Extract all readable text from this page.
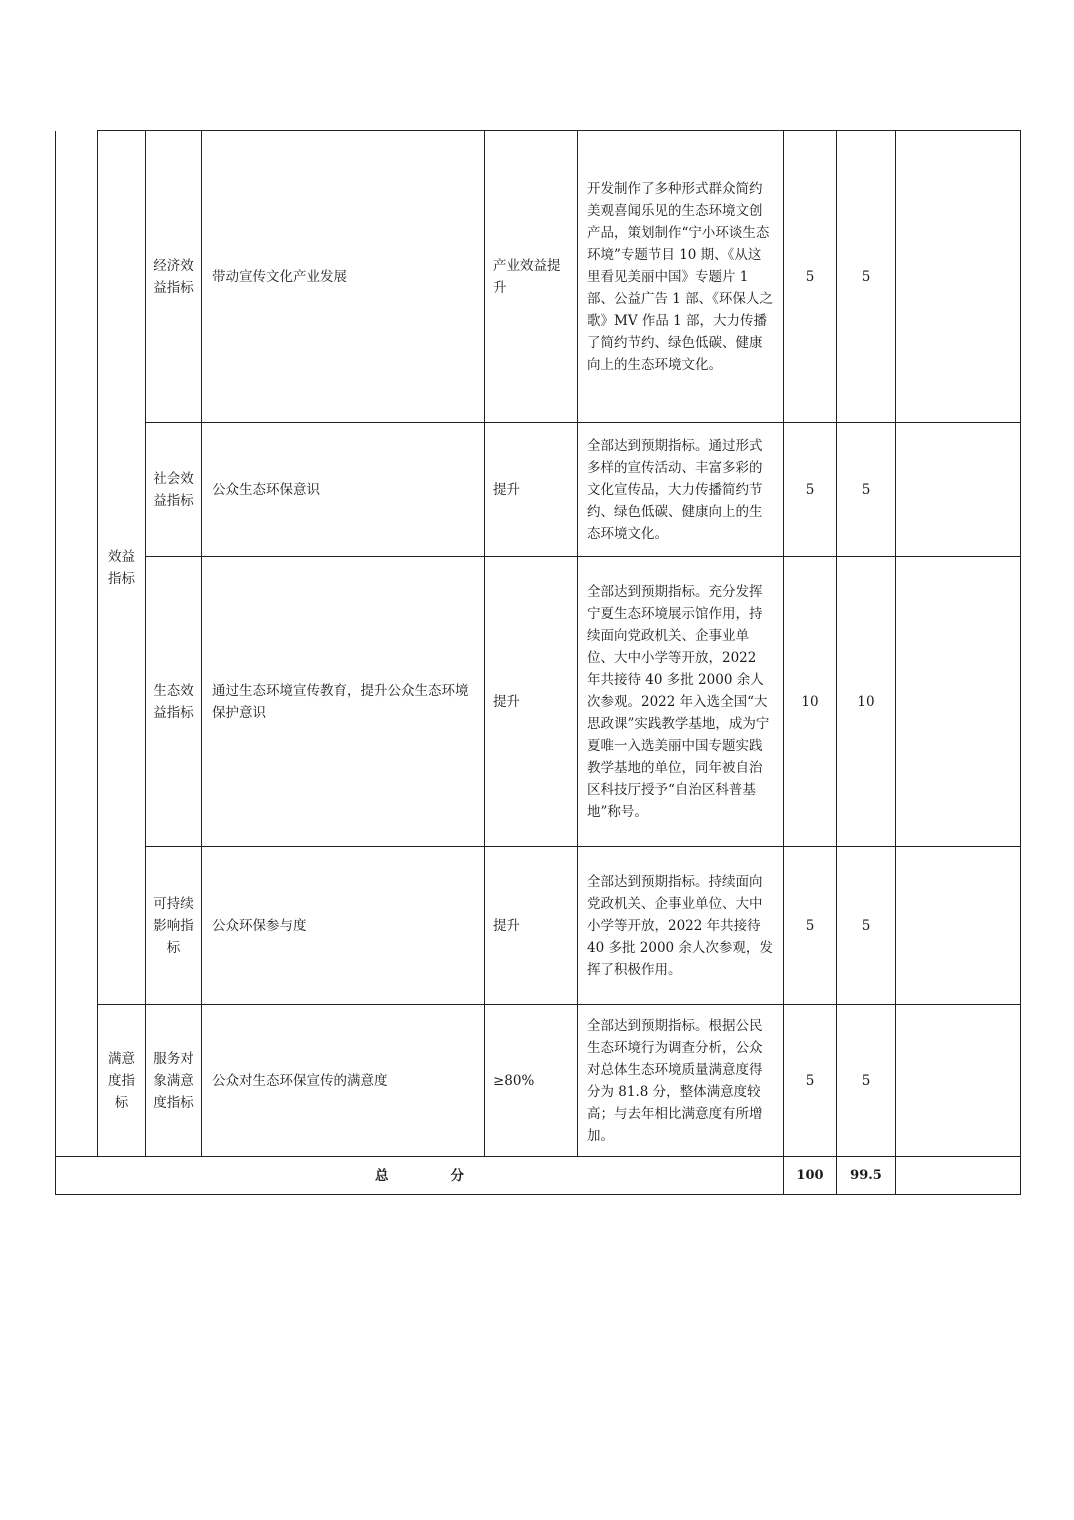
	效益指标	经济效益指标	带动宣传文化产业发展	产业效益提升	开发制作了多种形式群众简约美观喜闻乐见的生态环境文创产品，策划制作“宁小环谈生态环境”专题节目 10 期、《从这里看见美丽中国》专题片 1 部、公益广告 1 部、《环保人之歌》MV 作品 1 部，大力传播了简约节约、绿色低碳、健康向上的生态环境文化。	5	5	
		社会效益指标	公众生态环保意识	提升	全部达到预期指标。通过形式多样的宣传活动、丰富多彩的文化宣传品，大力传播简约节约、绿色低碳、健康向上的生态环境文化。	5	5	
		生态效益指标	通过生态环境宣传教育，提升公众生态环境保护意识	提升	全部达到预期指标。充分发挥宁夏生态环境展示馆作用，持续面向党政机关、企事业单位、大中小学等开放，2022 年共接待 40 多批 2000 余人次参观。2022 年入选全国“大思政课”实践教学基地，成为宁夏唯一入选美丽中国专题实践教学基地的单位，同年被自治区科技厅授予“自治区科普基地”称号。	10	10	
		可持续影响指标	公众环保参与度	提升	全部达到预期指标。持续面向党政机关、企事业单位、大中小学等开放，2022 年共接待 40 多批 2000 余人次参观，发挥了积极作用。	5	5	
	满意度指标	服务对象满意度指标	公众对生态环保宣传的满意度	≥80%	全部达到预期指标。根据公民生态环境行为调查分析，公众对总体生态环境质量满意度得分为 81.8 分，整体满意度较高；与去年相比满意度有所增加。	5	5	
总 分						100	99.5	
